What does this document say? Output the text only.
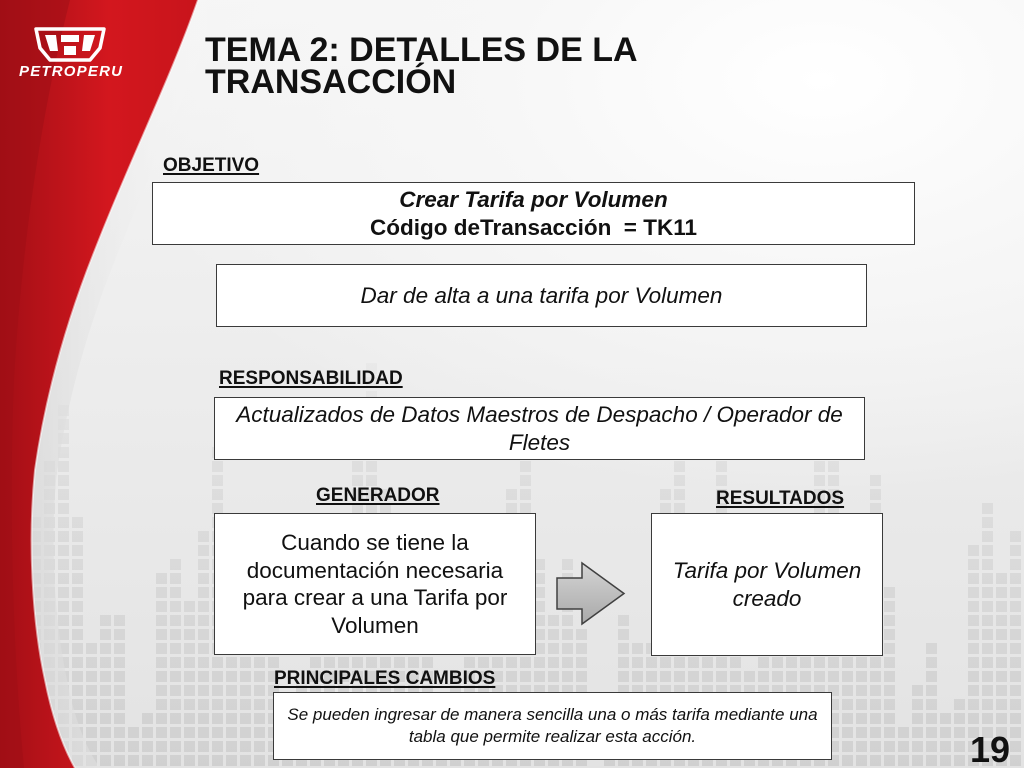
PETROPERU
TEMA 2: DETALLES DE LA
TRANSACCIÓN
OBJETIVO
Crear Tarifa por Volumen
Código deTransacción  = TK11
Dar de alta a una tarifa por Volumen
RESPONSABILIDAD
Actualizados de Datos Maestros de Despacho / Operador de Fletes
GENERADOR
Cuando se tiene la documentación necesaria para crear a una Tarifa por Volumen
RESULTADOS
Tarifa por Volumen creado
PRINCIPALES CAMBIOS
Se pueden ingresar de manera sencilla una o más tarifa mediante una tabla que permite realizar esta acción.	19
